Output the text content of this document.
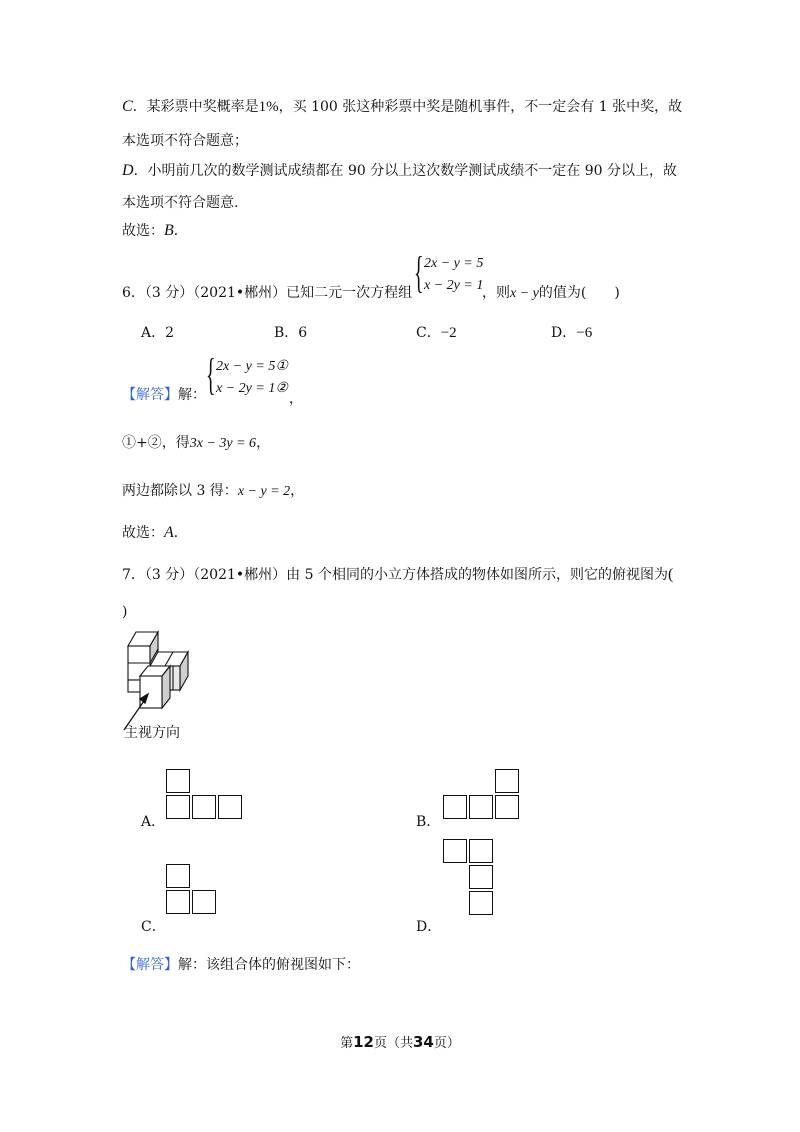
C．某彩票中奖概率是1%，买 100 张这种彩票中奖是随机事件，不一定会有 1 张中奖，故
本选项不符合题意；
D．小明前几次的数学测试成绩都在 90 分以上这次数学测试成绩不一定在 90 分以上，故
本选项不符合题意.
故选：B．
6．（3 分）（2021•郴州）已知二元一次方程组 { 2x − y = 5
x − 2y = 1
，则x − y的值为(　　)
A．2	B．6	C．−2	D．−6
【解答】解： { 2x − y = 5①
x − 2y = 1②
，
①+②，得3x − 3y = 6，
两边都除以 3 得：x − y = 2，
故选：A．
7．（3 分）（2021•郴州）由 5 个相同的小立方体搭成的物体如图所示，则它的俯视图为(
)
主视方向
A．	B．
C．	D．
【解答】解：该组合体的俯视图如下：
第12页（共34页）
